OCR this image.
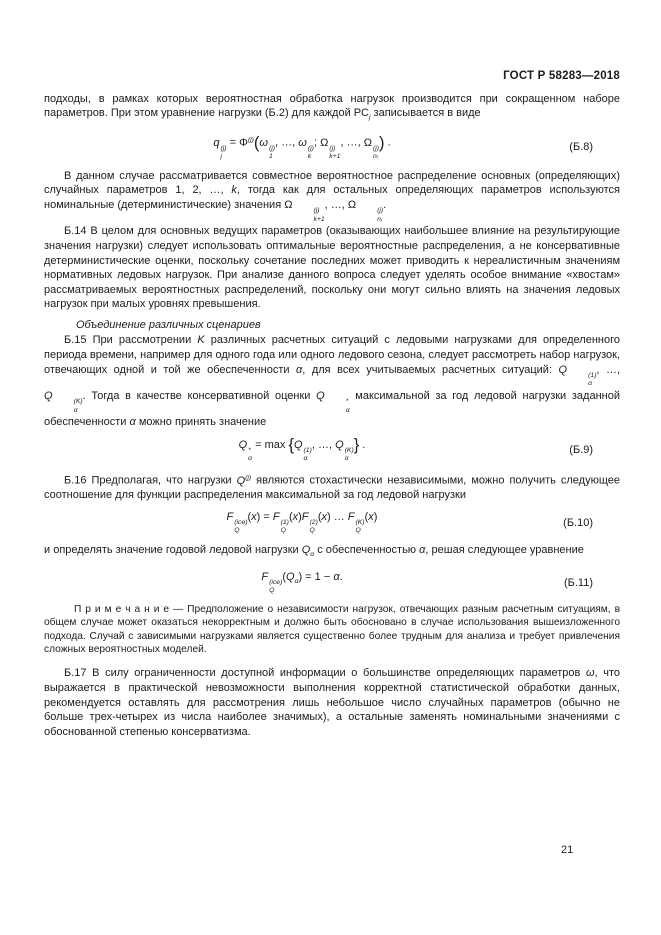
ГОСТ Р 58283—2018

подходы, в рамках которых вероятностная обработка нагрузок производится при сокращенном наборе параметров. При этом уравнение нагрузки (Б.2) для каждой $РС_j$ записывается в виде

q (j)
j
= $\Phi^{(j)}(\omega$ (j)
1
, …, ω (j)
k
; Ω (j)
k+1
, …, Ω (j)
nⱼ
) .	(Б.8)

В данном случае рассматривается совместное вероятностное распределение основных (определяющих) случайных параметров 1, 2, …, k, тогда как для остальных определяющих параметров используются номинальные (детерминистические) значения Ω	(j)
k+1
, …, Ω	(j)
nⱼ
.

Б.14 В целом для основных ведущих параметров (оказывающих наибольшее влияние на результирующие значения нагрузки) следует использовать оптимальные вероятностные распределения, а не консервативные детерминистические оценки, поскольку сочетание последних может приводить к нереалистичным значениям нормативных ледовых нагрузок. При анализе данного вопроса следует уделять особое внимание «хвостам» рассматриваемых вероятностных распределений, поскольку они могут сильно влиять на значения ледовых нагрузок при малых уровнях превышения.

Объединение различных сценариев

Б.15 При рассмотрении K различных расчетных ситуаций с ледовыми нагрузками для определенного периода времени, например для одного года или одного ледового сезона, следует рассмотреть набор нагрузок, отвечающих одной и той же обеспеченности α, для всех учитываемых расчетных ситуаций: Q	(1)
α
, …, Q	(K)
α
. Тогда в качестве консервативной оценки Q	*
α
максимальной за год ледовой нагрузки заданной обеспеченности α можно принять значение

Q *
α
= max {Q (1)
α
, …, Q (K)
α
} .	(Б.9)

Б.16 Предполагая, что нагрузки $Q^{(j)}$ являются стохастически независимыми, можно получить следующее соотношение для функции распределения максимальной за год ледовой нагрузки

F (ice)
Q
(x) = F (1)
Q
(x)F (2)
Q
(x) … F (K)
Q
(x)	(Б.10)

и определять значение годовой ледовой нагрузки $Q_\alpha$ с обеспеченностью α, решая следующее уравнение

F (ice)
Q
$(Q_\alpha) = 1 - \alpha$.	(Б.11)

П р и м е ч а н и е — Предположение о независимости нагрузок, отвечающих разным расчетным ситуациям, в общем случае может оказаться некорректным и должно быть обосновано в случае использования вышеизложенного подхода. Случай с зависимыми нагрузками является существенно более трудным для анализа и требует привлечения сложных вероятностных моделей.

Б.17 В силу ограниченности доступной информации о большинстве определяющих параметров ω, что выражается в практической невозможности выполнения корректной статистической обработки данных, рекомендуется оставлять для рассмотрения лишь небольшое число случайных параметров (обычно не больше трех-четырех из числа наиболее значимых), а остальные заменять номинальными значениями с обоснованной степенью консерватизма.

21
